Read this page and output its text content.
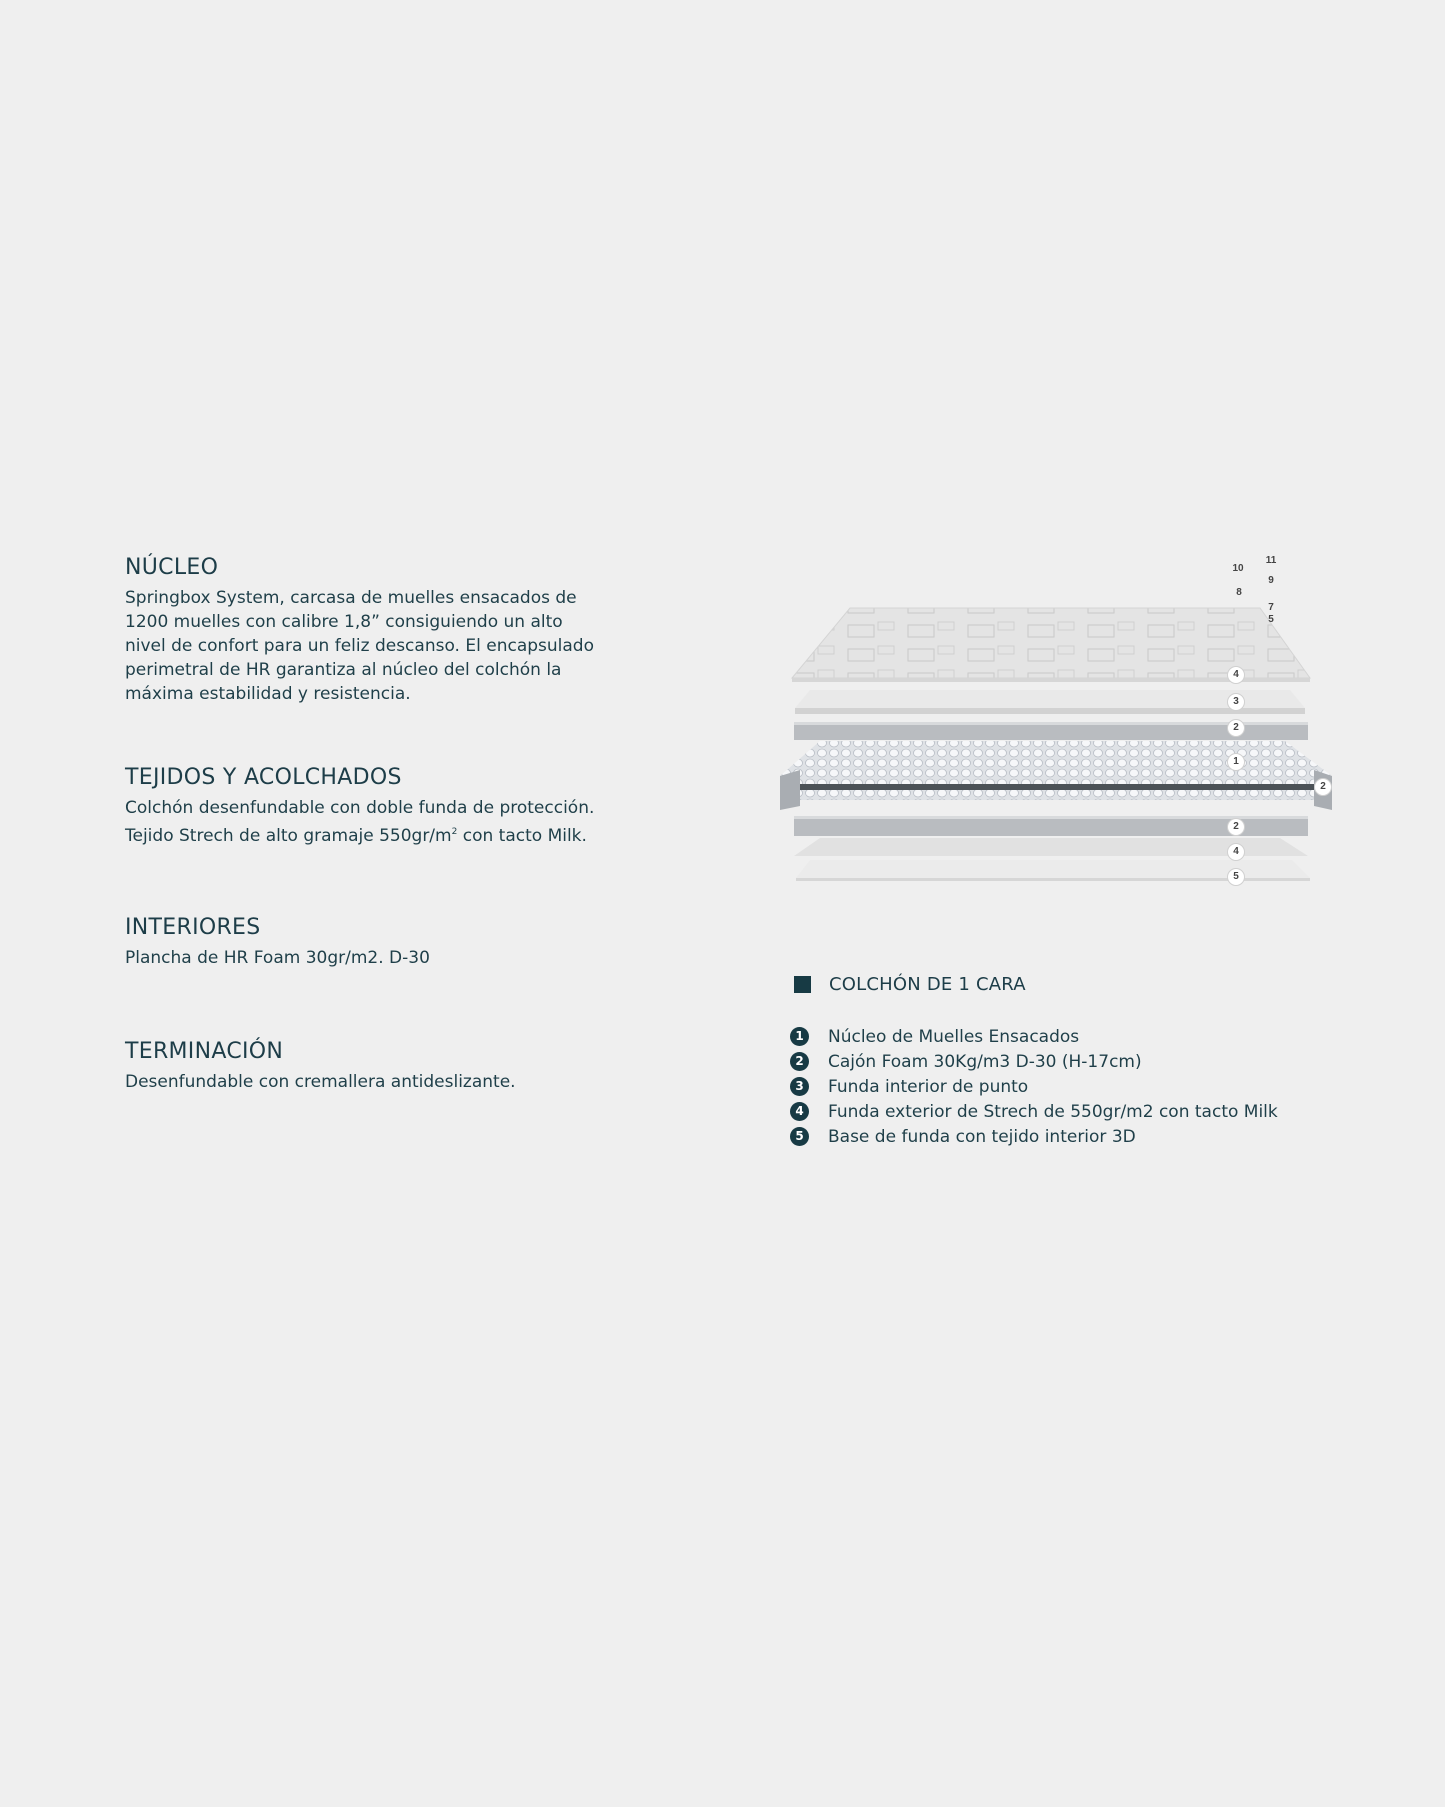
NÚCLEO

Springbox System, carcasa de muelles ensacados de
1200 muelles con calibre 1,8” consiguiendo un alto
nivel de confort para un feliz descanso. El encapsulado
perimetral de HR garantiza al núcleo del colchón la
máxima estabilidad y resistencia.

TEJIDOS Y ACOLCHADOS

Colchón desenfundable con doble funda de protección.
Tejido Strech de alto gramaje $550gr/m^2$ con tacto Milk.

INTERIORES

Plancha de HR Foam 30gr/m2. D-30

TERMINACIÓN

Desenfundable con cremallera antideslizante.

10
11
9
8
7
5
4
3
2
1
2
2
4
5
COLCHÓN DE 1 CARA
1	Núcleo de Muelles Ensacados
2	Cajón Foam 30Kg/m3 D-30 (H-17cm)
3	Funda interior de punto
4	Funda exterior de Strech de 550gr/m2 con tacto Milk
5	Base de funda con tejido interior 3D
